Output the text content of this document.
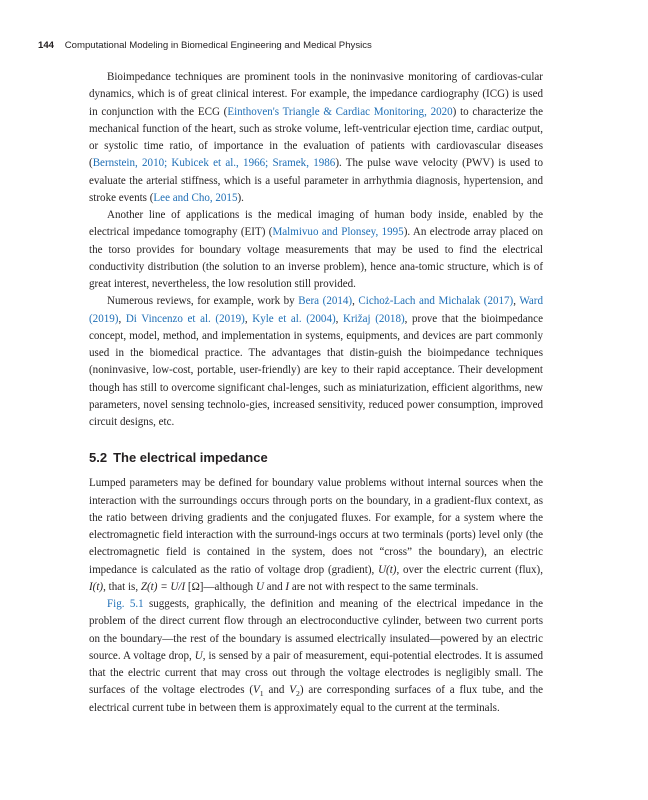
144 Computational Modeling in Biomedical Engineering and Medical Physics

Bioimpedance techniques are prominent tools in the noninvasive monitoring of cardiovas-cular dynamics, which is of great clinical interest. For example, the impedance cardiography (ICG) is used in conjunction with the ECG (Einthoven's Triangle & Cardiac Monitoring, 2020) to characterize the mechanical function of the heart, such as stroke volume, left-ventricular ejection time, cardiac output, or systolic time ratio, of importance in the evaluation of patients with cardiovascular diseases (Bernstein, 2010; Kubicek et al., 1966; Sramek, 1986). The pulse wave velocity (PWV) is used to evaluate the arterial stiffness, which is a useful parameter in arrhythmia diagnosis, hypertension, and stroke events (Lee and Cho, 2015).

Another line of applications is the medical imaging of human body inside, enabled by the electrical impedance tomography (EIT) (Malmivuo and Plonsey, 1995). An electrode array placed on the torso provides for boundary voltage measurements that may be used to find the electrical conductivity distribution (the solution to an inverse problem), hence ana-tomic structure, which is of great interest, nevertheless, the low resolution still provided.

Numerous reviews, for example, work by Bera (2014), Cichoż-Lach and Michalak (2017), Ward (2019), Di Vincenzo et al. (2019), Kyle et al. (2004), Križaj (2018), prove that the bioimpedance concept, model, method, and implementation in systems, equipments, and devices are part commonly used in the biomedical practice. The advantages that distin-guish the bioimpedance techniques (noninvasive, low-cost, portable, user-friendly) are key to their rapid acceptance. Their development though has still to overcome significant chal-lenges, such as miniaturization, efficient algorithms, new parameters, novel sensing technolo-gies, increased sensitivity, reduced power consumption, improved circuit designs, etc.

5.2 The electrical impedance

Lumped parameters may be defined for boundary value problems without internal sources when the interaction with the surroundings occurs through ports on the boundary, in a gradient-flux context, as the ratio between driving gradients and the conjugated fluxes. For example, for a system where the electromagnetic field interaction with the surround-ings occurs at two terminals (ports) level only (the electromagnetic field is contained in the system, does not “cross” the boundary), an electric impedance is calculated as the ratio of voltage drop (gradient), U(t), over the electric current (flux), I(t), that is, Z(t) = U/I [Ω]—although U and I are not with respect to the same terminals.

Fig. 5.1 suggests, graphically, the definition and meaning of the electrical impedance in the problem of the direct current flow through an electroconductive cylinder, between two current ports on the boundary—the rest of the boundary is assumed electrically insulated—powered by an electric source. A voltage drop, U, is sensed by a pair of measurement, equi-potential electrodes. It is assumed that the electric current that may cross out through the voltage electrodes is negligibly small. The surfaces of the voltage electrodes ($V_1$ and $V_2$) are corresponding surfaces of a flux tube, and the electrical current tube in between them is approximately equal to the current at the terminals.
